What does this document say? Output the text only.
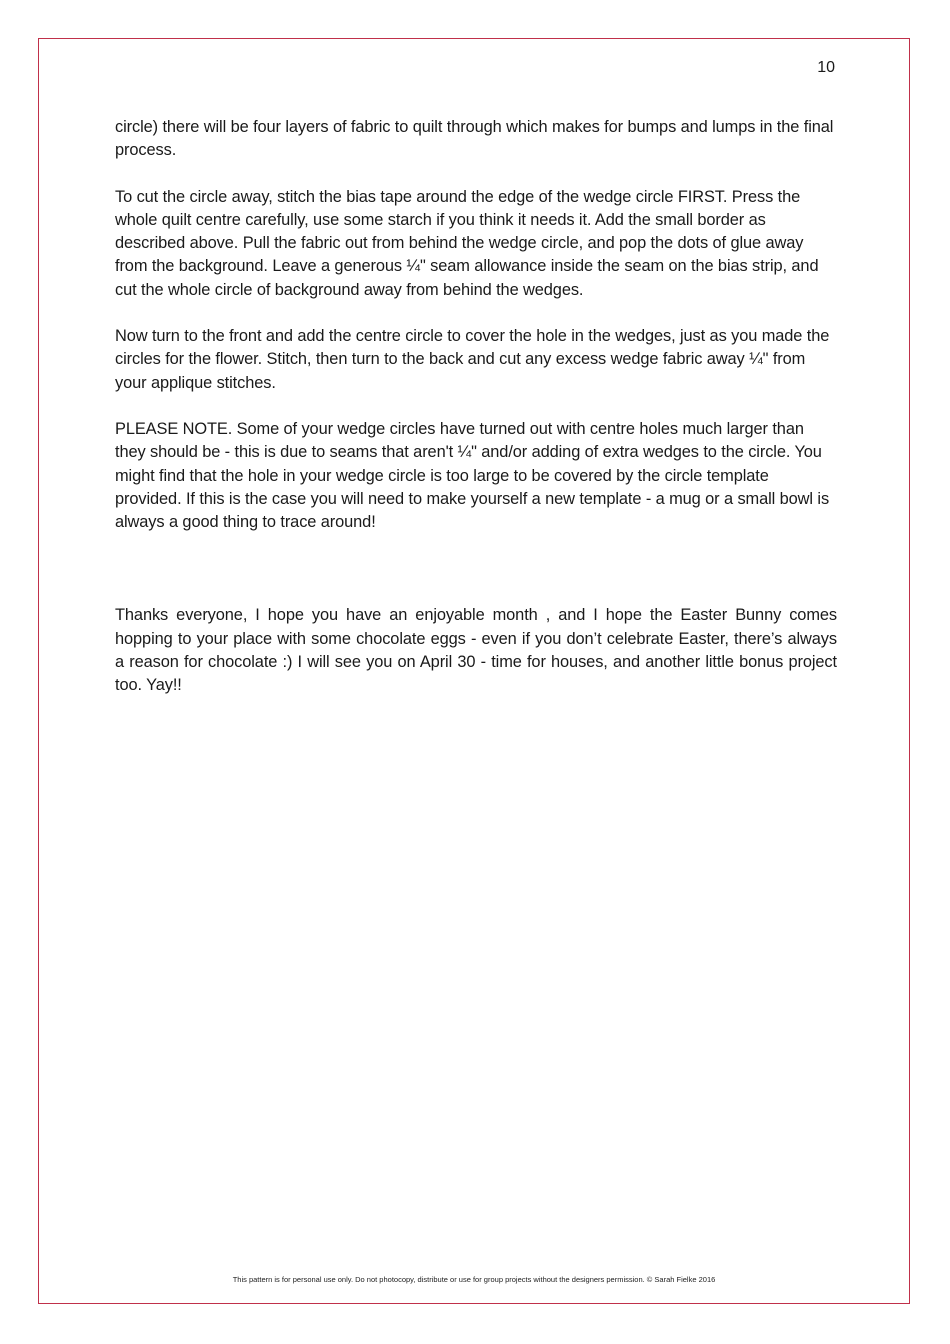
10

circle) there will be four layers of fabric to quilt through which makes for bumps and lumps in the final process.

To cut the circle away, stitch the bias tape around the edge of the wedge circle FIRST. Press the whole quilt centre carefully, use some starch if you think it needs it. Add the small border as described above. Pull the fabric out from behind the wedge circle, and pop the dots of glue away from the background. Leave a generous ¼" seam allowance inside the seam on the bias strip, and cut the whole circle of background away from behind the wedges.

Now turn to the front and add the centre circle to cover the hole in the wedges, just as you made the circles for the flower. Stitch, then turn to the back and cut any excess wedge fabric away ¼" from your applique stitches.

PLEASE NOTE. Some of your wedge circles have turned out with centre holes much larger than they should be - this is due to seams that aren't ¼" and/or adding of extra wedges to the circle. You might find that the hole in your wedge circle is too large to be covered by the circle template provided. If this is the case you will need to make yourself a new template - a mug or a small bowl is always a good thing to trace around!

Thanks everyone, I hope you have an enjoyable month , and I hope the Easter Bunny comes hopping to your place with some chocolate eggs - even if you don’t celebrate Easter, there’s always a reason for chocolate :) I will see you on April 30 - time for houses, and another little bonus project too. Yay!!

This pattern is for personal use only. Do not photocopy, distribute or use for group projects without the designers permission. © Sarah Fielke 2016
